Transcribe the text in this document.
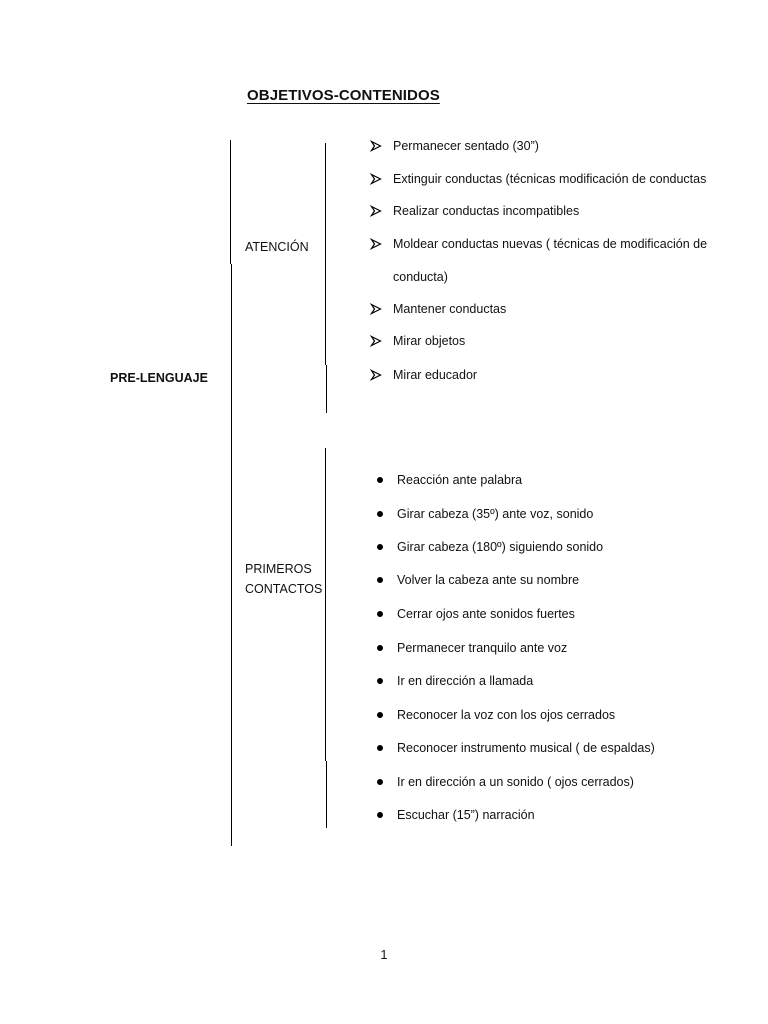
OBJETIVOS-CONTENIDOS
PRE-LENGUAJE
ATENCIÓN
PRIMEROS
CONTACTOS
Permanecer sentado (30”)
Extinguir conductas (técnicas modificación de conductas
Realizar conductas incompatibles
Moldear conductas nuevas ( técnicas de modificación de
conducta)
Mantener conductas
Mirar objetos
Mirar educador
Reacción ante palabra
Girar cabeza (35º) ante voz, sonido
Girar cabeza (180º) siguiendo sonido
Volver la cabeza ante su nombre
Cerrar ojos ante sonidos fuertes
Permanecer tranquilo ante voz
Ir en dirección a llamada
Reconocer la voz con los ojos cerrados
Reconocer instrumento musical ( de espaldas)
Ir en dirección a un sonido ( ojos cerrados)
Escuchar (15”) narración
1
